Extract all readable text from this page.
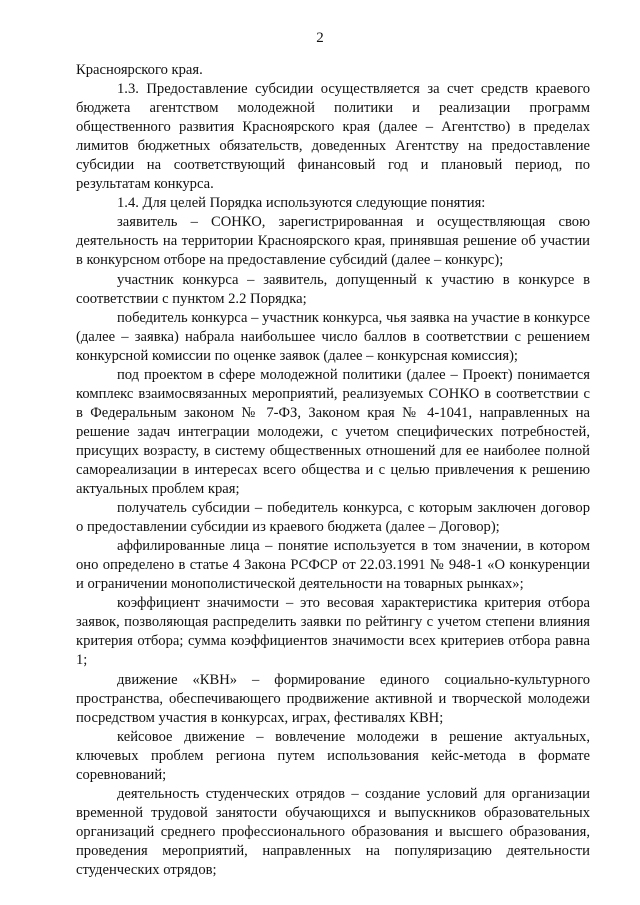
2

Красноярского края.

1.3. Предоставление субсидии осуществляется за счет средств краевого бюджета агентством молодежной политики и реализации программ общественного развития Красноярского края (далее – Агентство) в пределах лимитов бюджетных обязательств, доведенных Агентству на предоставление субсидии на соответствующий финансовый год и плановый период, по результатам конкурса.

1.4. Для целей Порядка используются следующие понятия:

заявитель – СОНКО, зарегистрированная и осуществляющая свою деятельность на территории Красноярского края, принявшая решение об участии в конкурсном отборе на предоставление субсидий (далее – конкурс);

участник конкурса – заявитель, допущенный к участию в конкурсе в соответствии с пунктом 2.2 Порядка;

победитель конкурса – участник конкурса, чья заявка на участие в конкурсе (далее – заявка) набрала наибольшее число баллов в соответствии с решением конкурсной комиссии по оценке заявок (далее – конкурсная комиссия);

под проектом в сфере молодежной политики (далее – Проект) понимается комплекс взаимосвязанных мероприятий, реализуемых СОНКО в соответствии с в Федеральным законом № 7-ФЗ, Законом края № 4-1041, направленных на решение задач интеграции молодежи, с учетом специфических потребностей, присущих возрасту, в систему общественных отношений для ее наиболее полной самореализации в интересах всего общества и с целью привлечения к решению актуальных проблем края;

получатель субсидии – победитель конкурса, с которым заключен договор о предоставлении субсидии из краевого бюджета (далее – Договор);

аффилированные лица – понятие используется в том значении, в котором оно определено в статье 4 Закона РСФСР от 22.03.1991 № 948-1 «О конкуренции и ограничении монополистической деятельности на товарных рынках»;

коэффициент значимости – это весовая характеристика критерия отбора заявок, позволяющая распределить заявки по рейтингу с учетом степени влияния критерия отбора; сумма коэффициентов значимости всех критериев отбора равна 1;

движение «КВН» – формирование единого социально-культурного пространства, обеспечивающего продвижение активной и творческой молодежи посредством участия в конкурсах, играх, фестивалях КВН;

кейсовое движение – вовлечение молодежи в решение актуальных, ключевых проблем региона путем использования кейс-метода в формате соревнований;

деятельность студенческих отрядов – создание условий для организации временной трудовой занятости обучающихся и выпускников образовательных организаций среднего профессионального образования и высшего образования, проведения мероприятий, направленных на популяризацию деятельности студенческих отрядов;
